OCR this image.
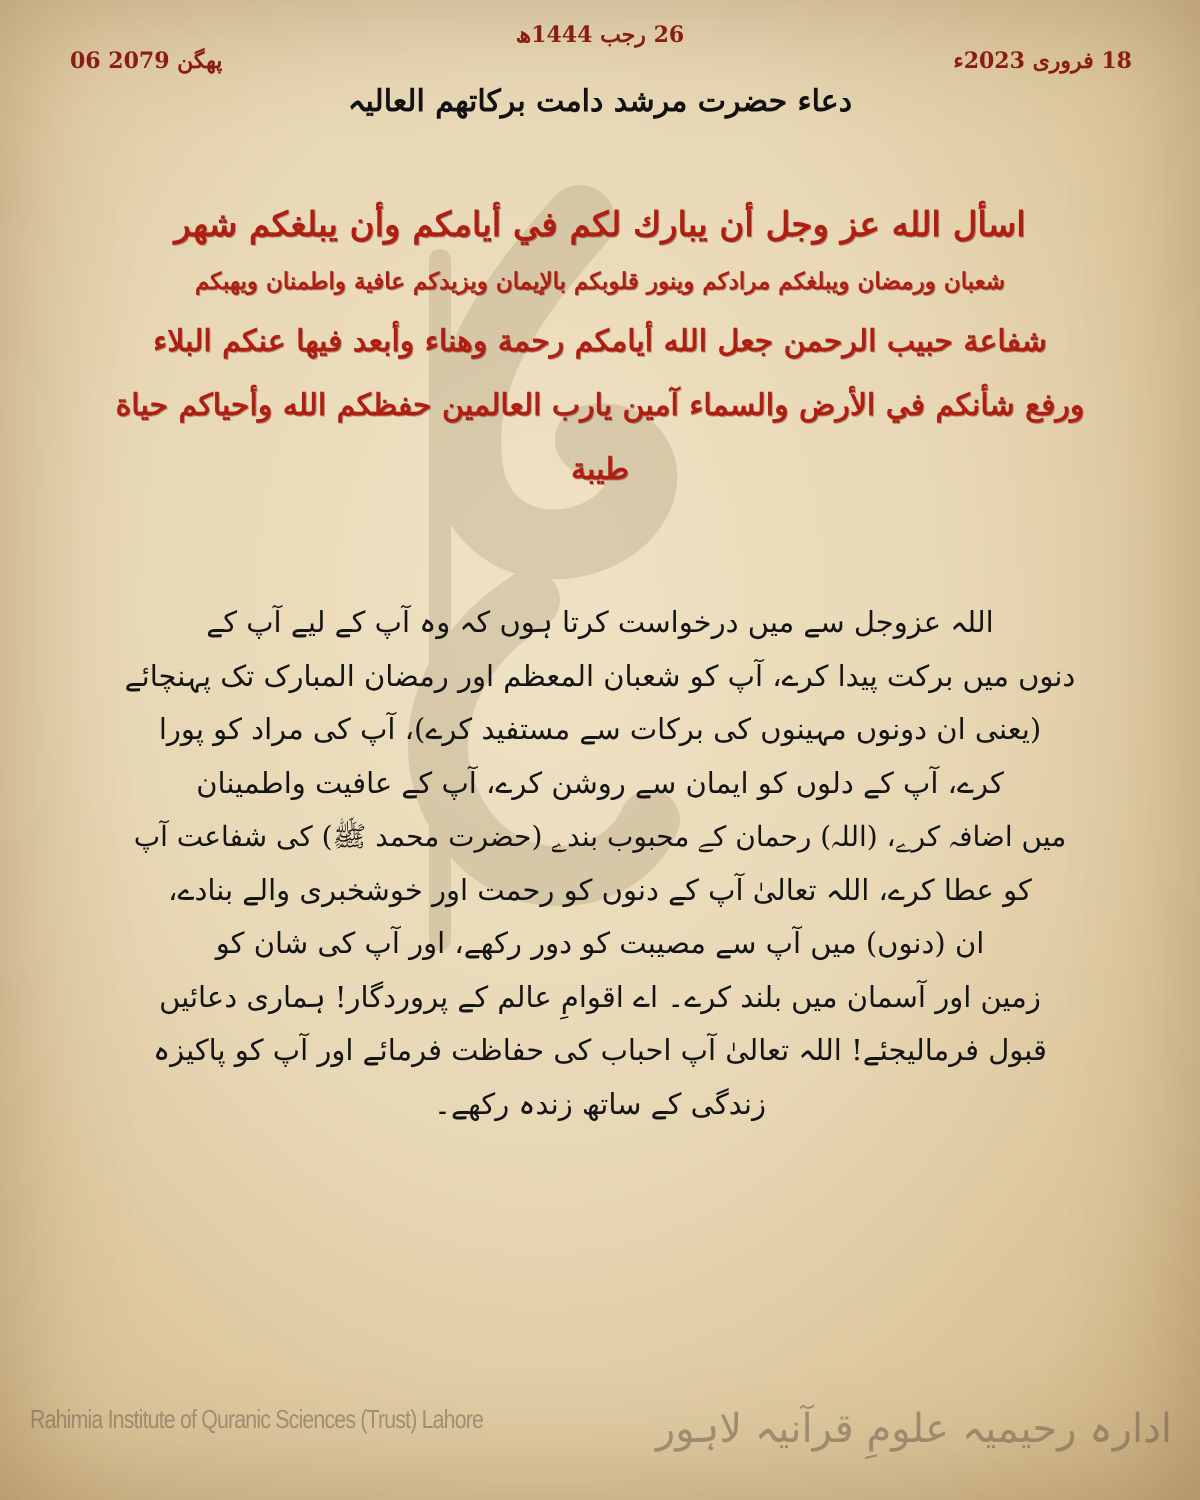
26 رجب 1444ھ
06 پھگن 2079	18 فروری 2023ء
دعاء حضرت مرشد دامت برکاتھم العالیہ
اسأل الله عز وجل أن يبارك لكم في أيامكم وأن يبلغكم شهر
شعبان ورمضان ويبلغكم مرادكم وينور قلوبكم بالإيمان ويزيدكم عافية واطمنان ويهبكم
شفاعة حبيب الرحمن جعل الله أيامكم رحمة وهناء وأبعد فيها عنكم البلاء
ورفع شأنكم في الأرض والسماء آمين يارب العالمين حفظكم الله وأحياكم حياة
طيبة
اللہ عزوجل سے میں درخواست کرتا ہوں کہ وہ آپ کے لیے آپ کے
دنوں میں برکت پیدا کرے، آپ کو شعبان المعظم اور رمضان المبارک تک پہنچائے
(یعنی ان دونوں مہینوں کی برکات سے مستفید کرے)، آپ کی مراد کو پورا
کرے، آپ کے دلوں کو ایمان سے روشن کرے، آپ کے عافیت واطمینان
میں اضافہ کرے، (اللہ) رحمان کے محبوب بندے (حضرت محمد ﷺ) کی شفاعت آپ
کو عطا کرے، اللہ تعالیٰ آپ کے دنوں کو رحمت اور خوشخبری والے بنادے،
ان (دنوں) میں آپ سے مصیبت کو دور رکھے، اور آپ کی شان کو
زمین اور آسمان میں بلند کرے۔ اے اقوامِ عالم کے پروردگار! ہماری دعائیں
قبول فرمالیجئے! اللہ تعالیٰ آپ احباب کی حفاظت فرمائے اور آپ کو پاکیزہ
زندگی کے ساتھ زندہ رکھے۔
Rahimia Institute of Quranic Sciences (Trust) Lahore	ادارہ رحیمیہ علومِ قرآنیہ لاہور
